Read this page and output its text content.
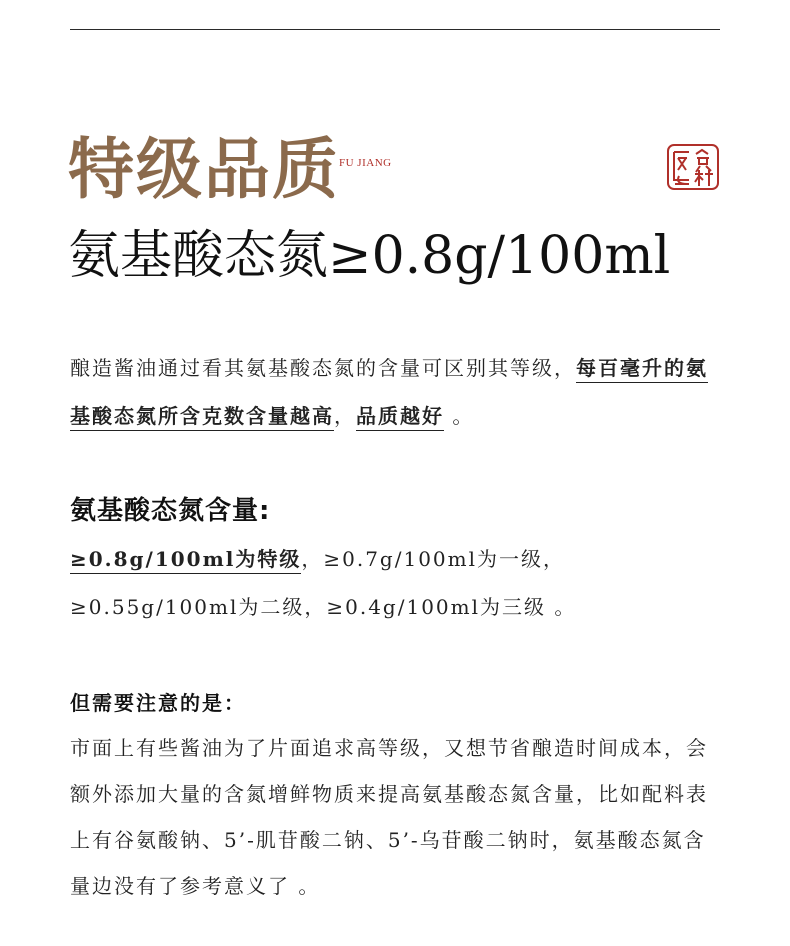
特级品质 FU JIANG
氨基酸态氮≥0.8g/100ml
酿造酱油通过看其氨基酸态氮的含量可区别其等级，每百毫升的氨基酸态氮所含克数含量越高，品质越好 。
氨基酸态氮含量:
≥0.8g/100ml为特级，≥0.7g/100ml为一级，
≥0.55g/100ml为二级，≥0.4g/100ml为三级 。
但需要注意的是：
市面上有些酱油为了片面追求高等级，又想节省酿造时间成本，会额外添加大量的含氮增鲜物质来提高氨基酸态氮含量，比如配料表上有谷氨酸钠、5’-肌苷酸二钠、5’-乌苷酸二钠时，氨基酸态氮含量边没有了参考意义了 。
